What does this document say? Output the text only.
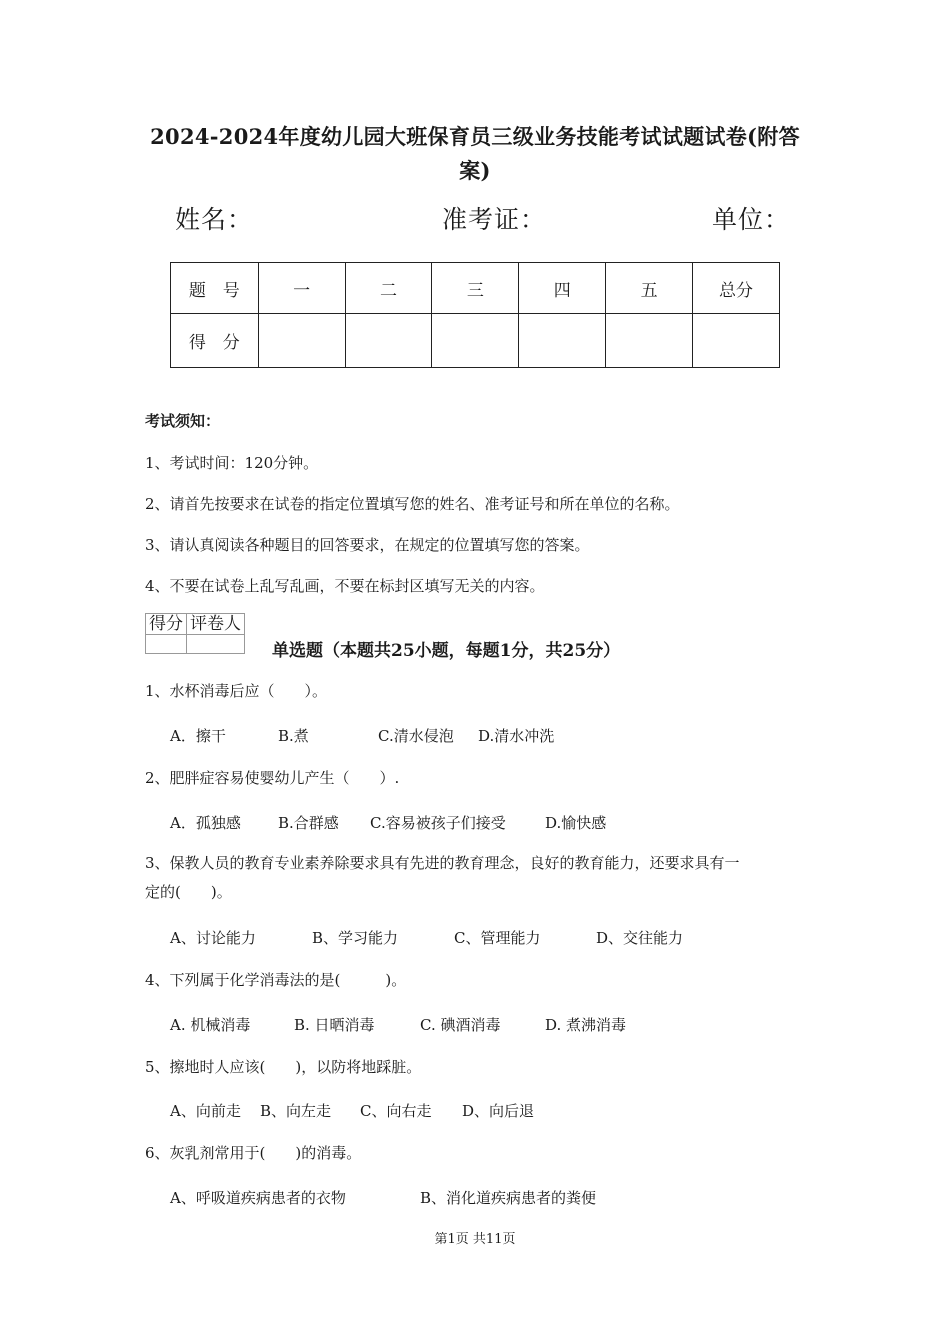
2024-2024年度幼儿园大班保育员三级业务技能考试试题试卷(附答
案)
姓名：	准考证：	单位：
题　号	一	二	三	四	五	总分
得　分						
考试须知：
1、考试时间：120分钟。
2、请首先按要求在试卷的指定位置填写您的姓名、准考证号和所在单位的名称。
3、请认真阅读各种题目的回答要求，在规定的位置填写您的答案。
4、不要在试卷上乱写乱画，不要在标封区填写无关的内容。
得分	评卷人

单选题（本题共25小题，每题1分，共25分）
1、水杯消毒后应（　　）。
A．擦干	B.煮	C.清水侵泡 D.清水冲洗
2、肥胖症容易使婴幼儿产生（　　）.
A．孤独感 B.合群感 C.容易被孩子们接受	D.愉快感
3、保教人员的教育专业素养除要求具有先进的教育理念，良好的教育能力，还要求具有一
定的(　　)。
A、讨论能力	B、学习能力	C、管理能力	D、交往能力
4、下列属于化学消毒法的是(　　　)。
A. 机械消毒	B. 日晒消毒	C. 碘酒消毒	D. 煮沸消毒
5、擦地时人应该(　　)，以防将地踩脏。
A、向前走 B、向左走 C、向右走 D、向后退
6、灰乳剂常用于(　　)的消毒。
A、呼吸道疾病患者的衣物	B、消化道疾病患者的粪便
第1页 共11页
